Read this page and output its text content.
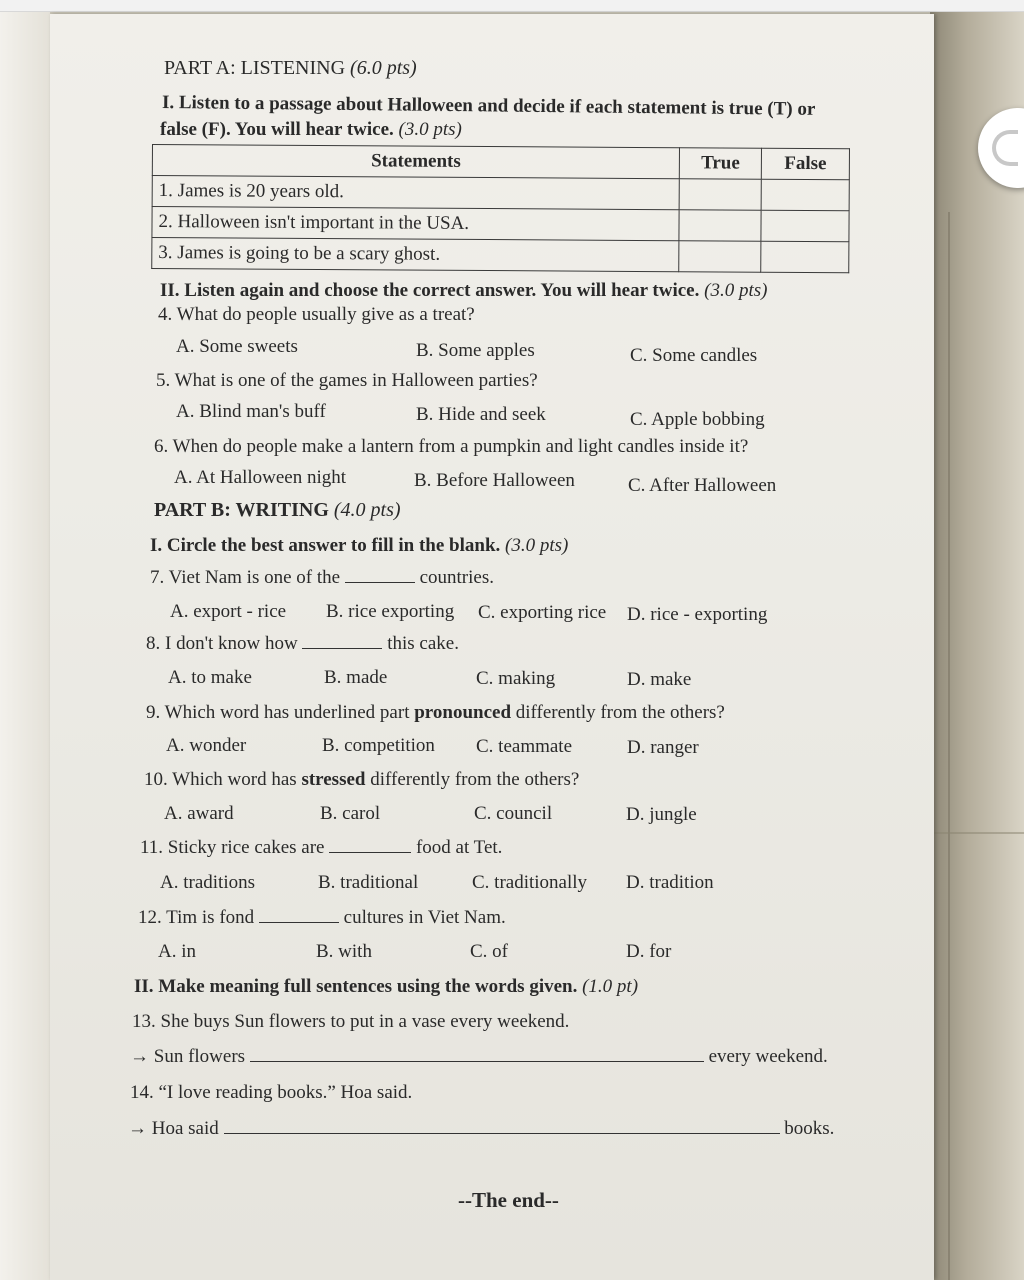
PART A: LISTENING (6.0 pts)
I. Listen to a passage about Halloween and decide if each statement is true (T) or
false (F). You will hear twice. (3.0 pts)
Statements	True	False
1. James is 20 years old.		
2. Halloween isn't important in the USA.		
3. James is going to be a scary ghost.		
II. Listen again and choose the correct answer. You will hear twice. (3.0 pts)
4. What do people usually give as a treat?
A. Some sweets	B. Some apples	C. Some candles
5. What is one of the games in Halloween parties?
A. Blind man's buff	B. Hide and seek	C. Apple bobbing
6. When do people make a lantern from a pumpkin and light candles inside it?
A. At Halloween night	B. Before Halloween	C. After Halloween
PART B: WRITING (4.0 pts)
I. Circle the best answer to fill in the blank. (3.0 pts)
7. Viet Nam is one of the	countries.
A. export - rice B. rice exporting C. exporting rice D. rice - exporting
8. I don't know how	this cake.
A. to make	B. made	C. making	D. make
9. Which word has underlined part pronounced differently from the others?
A. wonder	B. competition C. teammate	D. ranger
10. Which word has stressed differently from the others?
A. award	B. carol	C. council	D. jungle
11. Sticky rice cakes are	food at Tet.
A. traditions	B. traditional	C. traditionally D. tradition
12. Tim is fond	cultures in Viet Nam.
A. in	B. with	C. of	D. for
II. Make meaning full sentences using the words given. (1.0 pt)
13. She buys Sun flowers to put in a vase every weekend.
→ Sun flowers	every weekend.
14. “I love reading books.” Hoa said.
→ Hoa said	books.
--The end--
